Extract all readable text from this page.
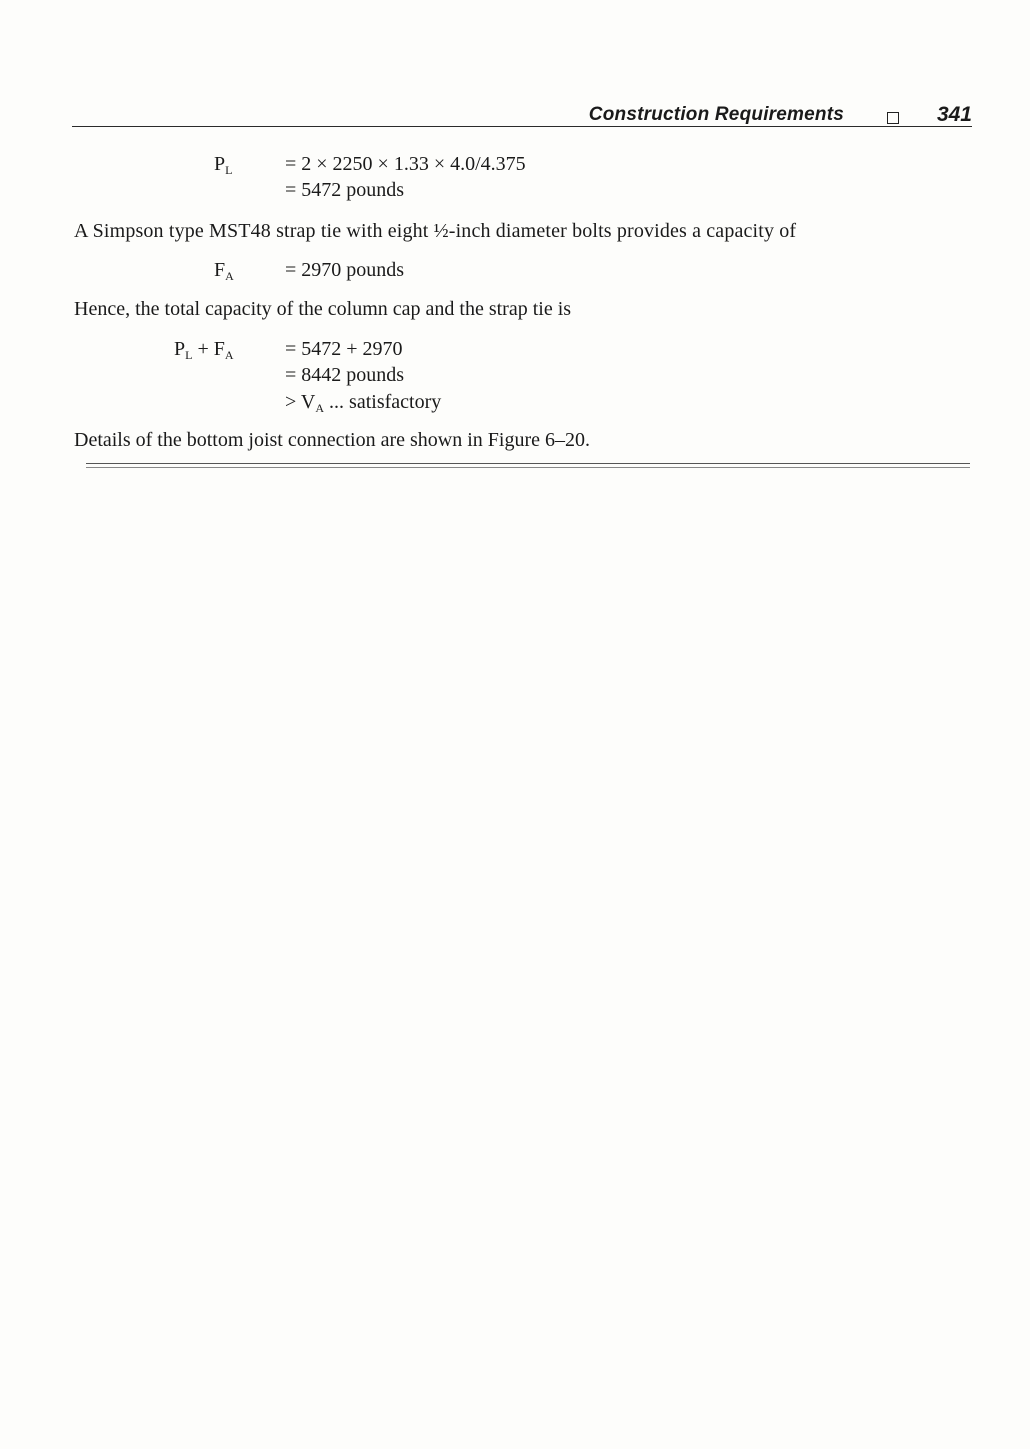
Construction Requirements	341
$P_L$	= 2 × 2250 × 1.33 × 4.0/4.375
= 5472 pounds
A Simpson type MST48 strap tie with eight ½-inch diameter bolts provides a capacity of
$F_A$	= 2970 pounds
Hence, the total capacity of the column cap and the strap tie is
$P_L + F_A$	= 5472 + 2970
= 8442 pounds
> $V_A$ ... satisfactory
Details of the bottom joist connection are shown in Figure 6–20.
